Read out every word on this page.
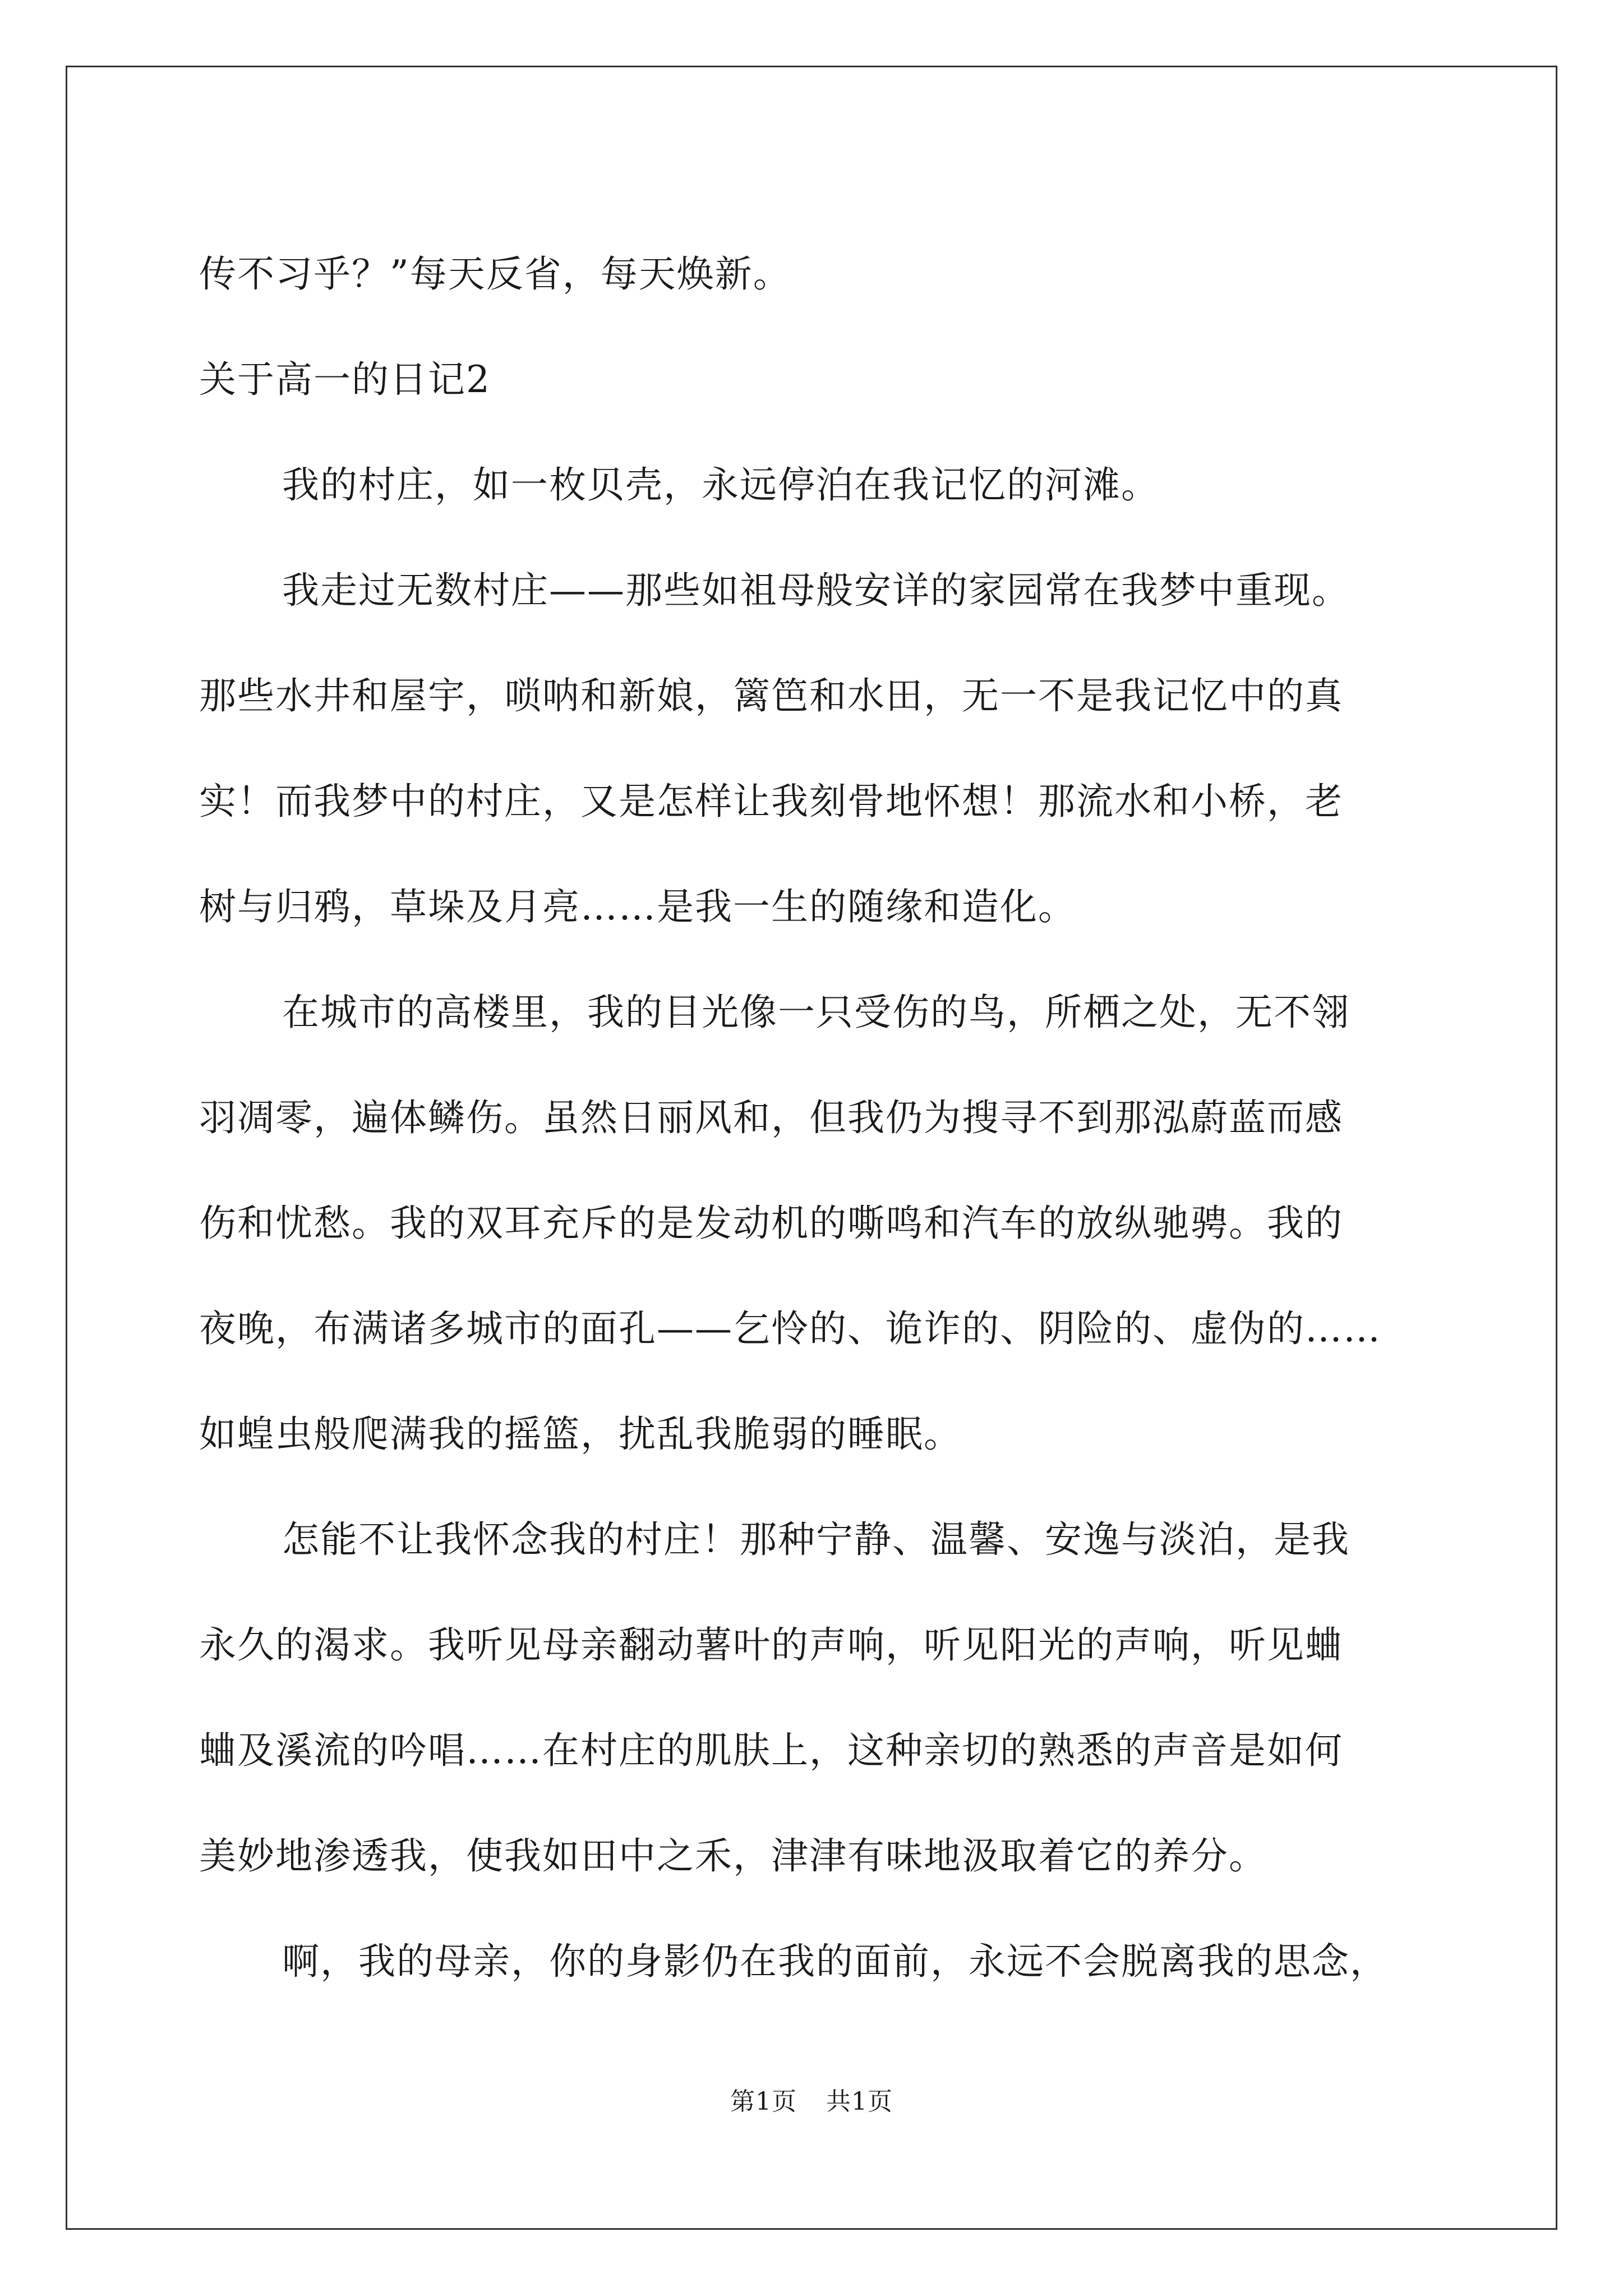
传不习乎？”每天反省，每天焕新。
关于高一的日记2
我的村庄，如一枚贝壳，永远停泊在我记忆的河滩。
我走过无数村庄——那些如祖母般安详的家园常在我梦中重现。
那些水井和屋宇，唢呐和新娘，篱笆和水田，无一不是我记忆中的真
实！而我梦中的村庄，又是怎样让我刻骨地怀想！那流水和小桥，老
树与归鸦，草垛及月亮……是我一生的随缘和造化。
在城市的高楼里，我的目光像一只受伤的鸟，所栖之处，无不翎
羽凋零，遍体鳞伤。虽然日丽风和，但我仍为搜寻不到那泓蔚蓝而感
伤和忧愁。我的双耳充斥的是发动机的嘶鸣和汽车的放纵驰骋。我的
夜晚，布满诸多城市的面孔——乞怜的、诡诈的、阴险的、虚伪的……
如蝗虫般爬满我的摇篮，扰乱我脆弱的睡眠。
怎能不让我怀念我的村庄！那种宁静、温馨、安逸与淡泊，是我
永久的渴求。我听见母亲翻动薯叶的声响，听见阳光的声响，听见蛐
蛐及溪流的吟唱……在村庄的肌肤上，这种亲切的熟悉的声音是如何
美妙地渗透我，使我如田中之禾，津津有味地汲取着它的养分。
啊，我的母亲，你的身影仍在我的面前，永远不会脱离我的思念，
第1页 共1页
